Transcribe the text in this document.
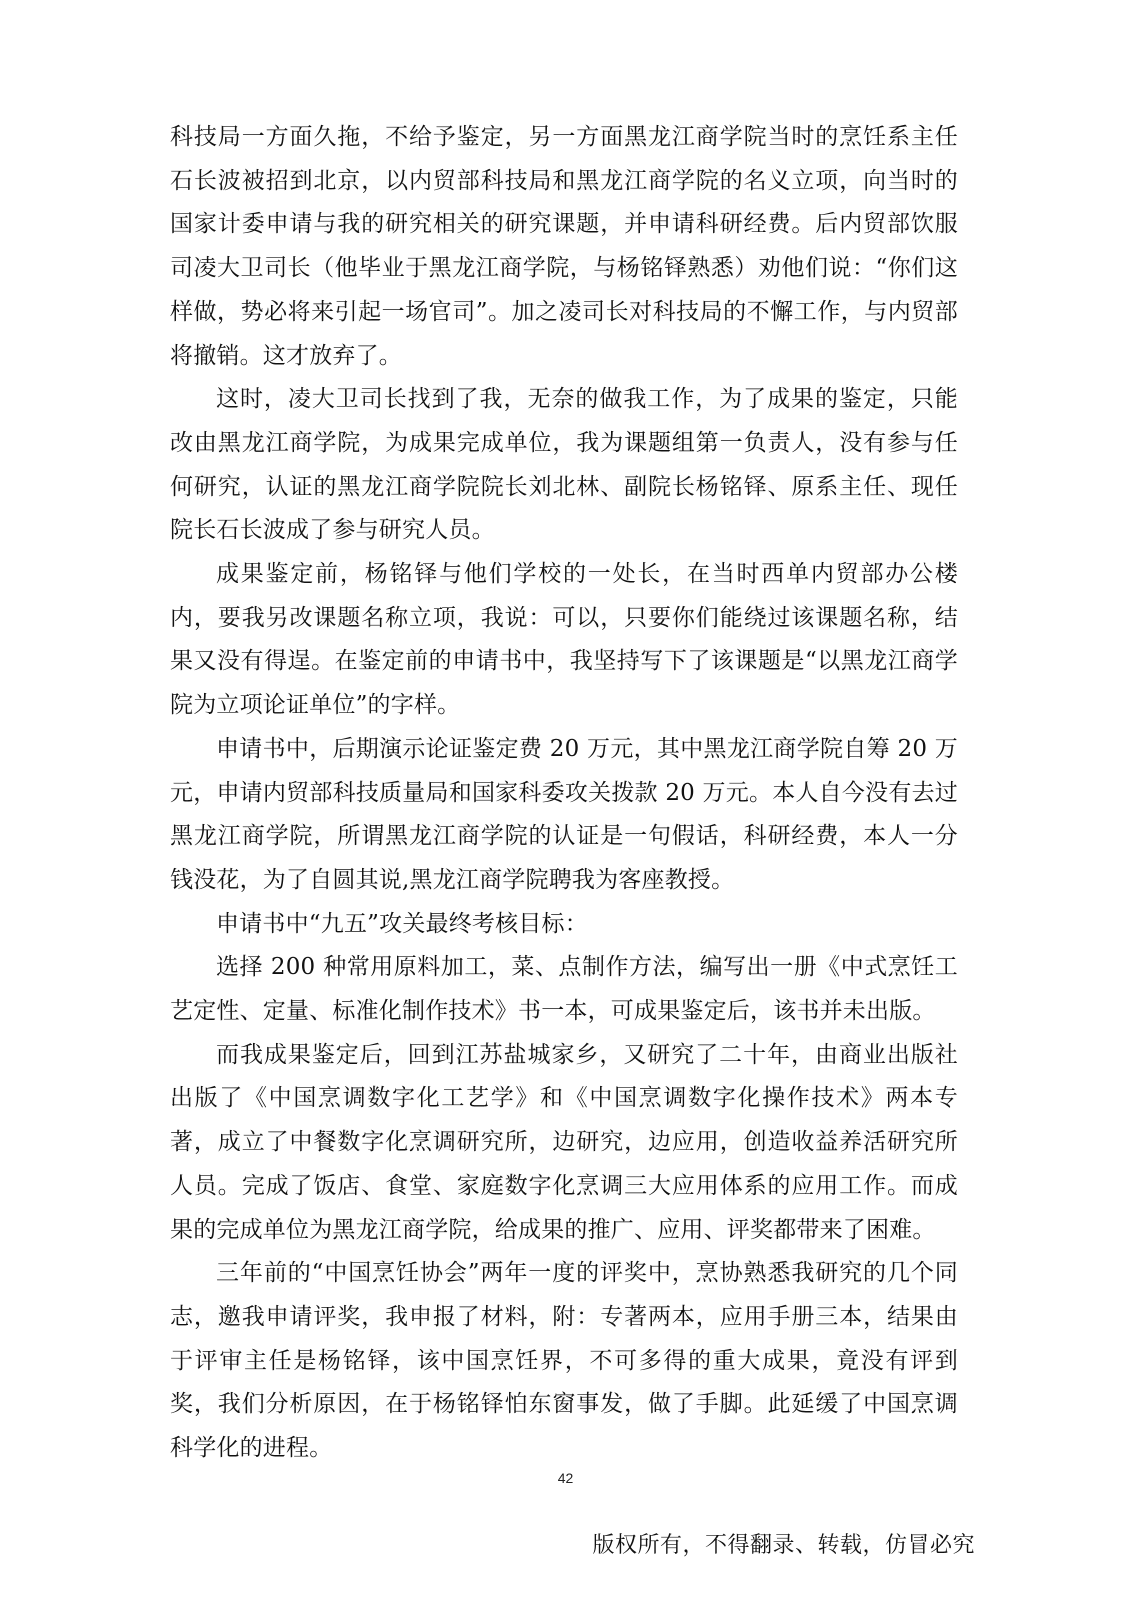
科技局一方面久拖，不给予鉴定，另一方面黑龙江商学院当时的烹饪系主任石长波被招到北京，以内贸部科技局和黑龙江商学院的名义立项，向当时的国家计委申请与我的研究相关的研究课题，并申请科研经费。后内贸部饮服司凌大卫司长（他毕业于黑龙江商学院，与杨铭铎熟悉）劝他们说：“你们这样做，势必将来引起一场官司”。加之凌司长对科技局的不懈工作，与内贸部将撤销。这才放弃了。

这时，凌大卫司长找到了我，无奈的做我工作，为了成果的鉴定，只能改由黑龙江商学院，为成果完成单位，我为课题组第一负责人，没有参与任何研究，认证的黑龙江商学院院长刘北林、副院长杨铭铎、原系主任、现任院长石长波成了参与研究人员。

成果鉴定前，杨铭铎与他们学校的一处长，在当时西单内贸部办公楼内，要我另改课题名称立项，我说：可以，只要你们能绕过该课题名称，结果又没有得逞。在鉴定前的申请书中，我坚持写下了该课题是“以黑龙江商学院为立项论证单位”的字样。

申请书中，后期演示论证鉴定费 20 万元，其中黑龙江商学院自筹 20 万元，申请内贸部科技质量局和国家科委攻关拨款 20 万元。本人自今没有去过黑龙江商学院，所谓黑龙江商学院的认证是一句假话，科研经费，本人一分钱没花，为了自圆其说,黑龙江商学院聘我为客座教授。

申请书中“九五”攻关最终考核目标：

选择 200 种常用原料加工，菜、点制作方法，编写出一册《中式烹饪工艺定性、定量、标准化制作技术》书一本，可成果鉴定后，该书并未出版。

而我成果鉴定后，回到江苏盐城家乡，又研究了二十年，由商业出版社出版了《中国烹调数字化工艺学》和《中国烹调数字化操作技术》两本专著，成立了中餐数字化烹调研究所，边研究，边应用，创造收益养活研究所人员。完成了饭店、食堂、家庭数字化烹调三大应用体系的应用工作。而成果的完成单位为黑龙江商学院，给成果的推广、应用、评奖都带来了困难。

三年前的“中国烹饪协会”两年一度的评奖中，烹协熟悉我研究的几个同志，邀我申请评奖，我申报了材料，附：专著两本，应用手册三本，结果由于评审主任是杨铭铎，该中国烹饪界，不可多得的重大成果，竟没有评到奖，我们分析原因，在于杨铭铎怕东窗事发，做了手脚。此延缓了中国烹调科学化的进程。

42
版权所有，不得翻录、转载，仿冒必究
